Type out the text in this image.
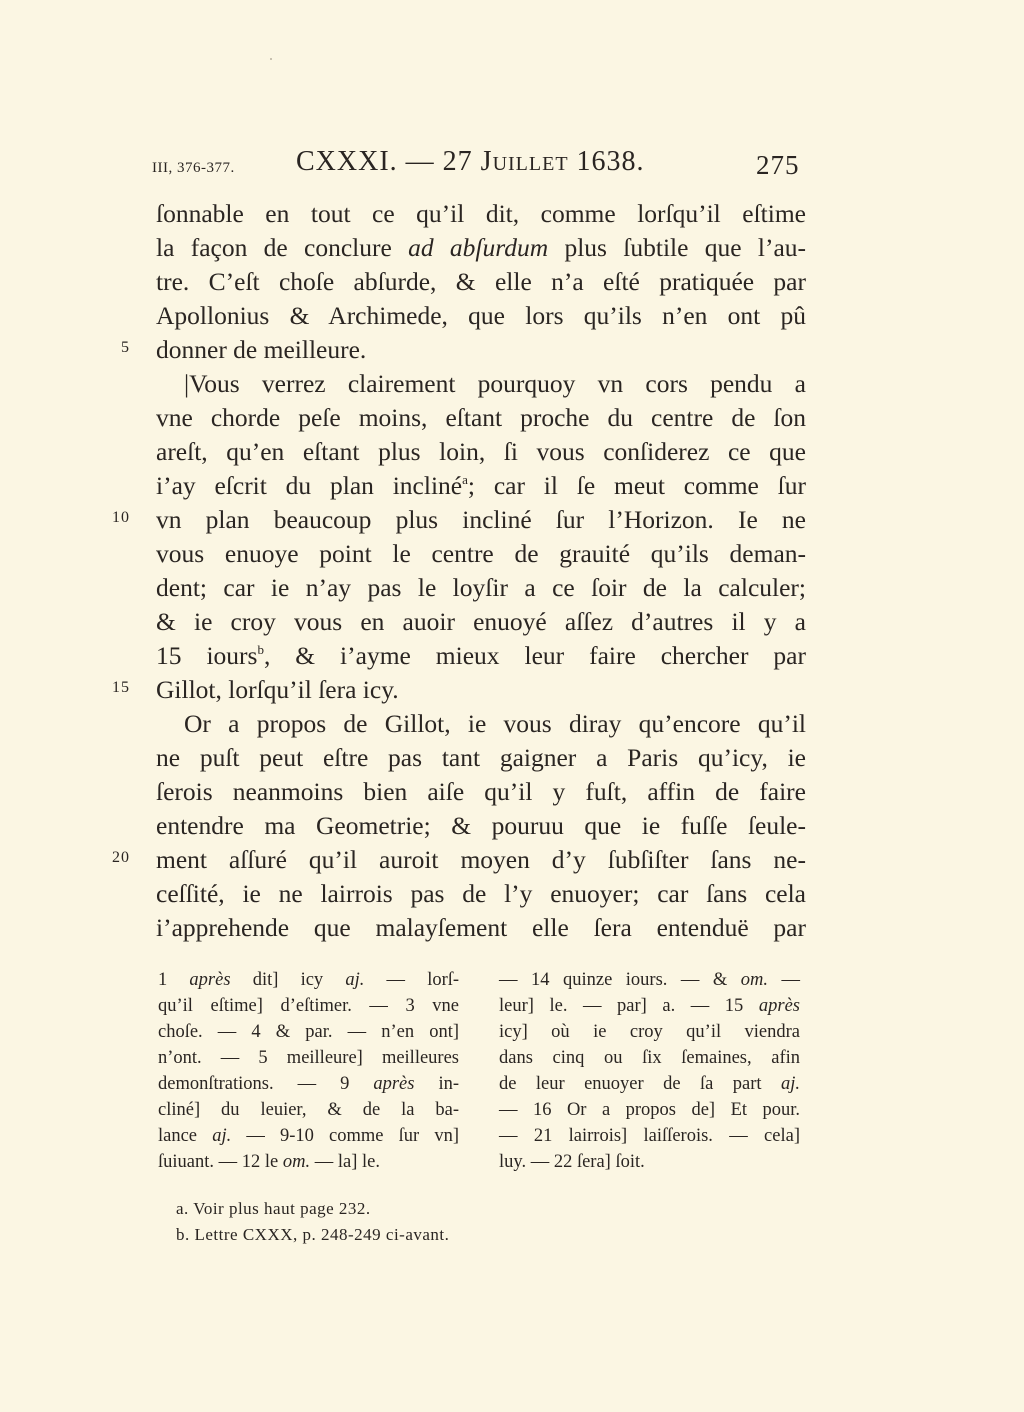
III, 376-377. CXXXI. — 27 Juillet 1638.	275
5
10
15
20
ſonnable en tout ce qu’il dit, comme lorſqu’il eſtime
la façon de conclure ad abſurdum plus ſubtile que l’au-
tre. C’eſt choſe abſurde, & elle n’a eſté pratiquée par
Apollonius & Archimede, que lors qu’ils n’en ont pû
donner de meilleure.
|Vous verrez clairement pourquoy vn cors pendu a
vne chorde peſe moins, eſtant proche du centre de ſon
areſt, qu’en eſtant plus loin, ſi vous conſiderez ce que
i’ay eſcrit du plan incliné$^a$; car il ſe meut comme ſur
vn plan beaucoup plus incliné ſur l’Horizon. Ie ne
vous enuoye point le centre de grauité qu’ils deman-
dent; car ie n’ay pas le loyſir a ce ſoir de la calculer;
& ie croy vous en auoir enuoyé aſſez d’autres il y a
15 iours$^b$, & i’ayme mieux leur faire chercher par
Gillot, lorſqu’il ſera icy.
Or a propos de Gillot, ie vous diray qu’encore qu’il
ne puſt peut eſtre pas tant gaigner a Paris qu’icy, ie
ſerois neanmoins bien aiſe qu’il y fuſt, affin de faire
entendre ma Geometrie; & pouruu que ie fuſſe ſeule-
ment aſſuré qu’il auroit moyen d’y ſubſiſter ſans ne-
ceſſité, ie ne lairrois pas de l’y enuoyer; car ſans cela
i’apprehende que malayſement elle ſera entenduë par
1 après dit] icy aj. — lorſ-
qu’il eſtime] d’eſtimer. — 3 vne
choſe. — 4 & par. — n’en ont]
n’ont. — 5 meilleure] meilleures
demonſtrations. — 9 après in-
cliné] du leuier, & de la ba-
lance aj. — 9-10 comme ſur vn]
ſuiuant. — 12 le om. — la] le.
— 14 quinze iours. — & om. —
leur] le. — par] a. — 15 après
icy] où ie croy qu’il viendra
dans cinq ou ſix ſemaines, afin
de leur enuoyer de ſa part aj.
— 16 Or a propos de] Et pour.
— 21 lairrois] laiſſerois. — cela]
luy. — 22 ſera] ſoit.
a. Voir plus haut page 232.
b. Lettre CXXX, p. 248-249 ci-avant.
